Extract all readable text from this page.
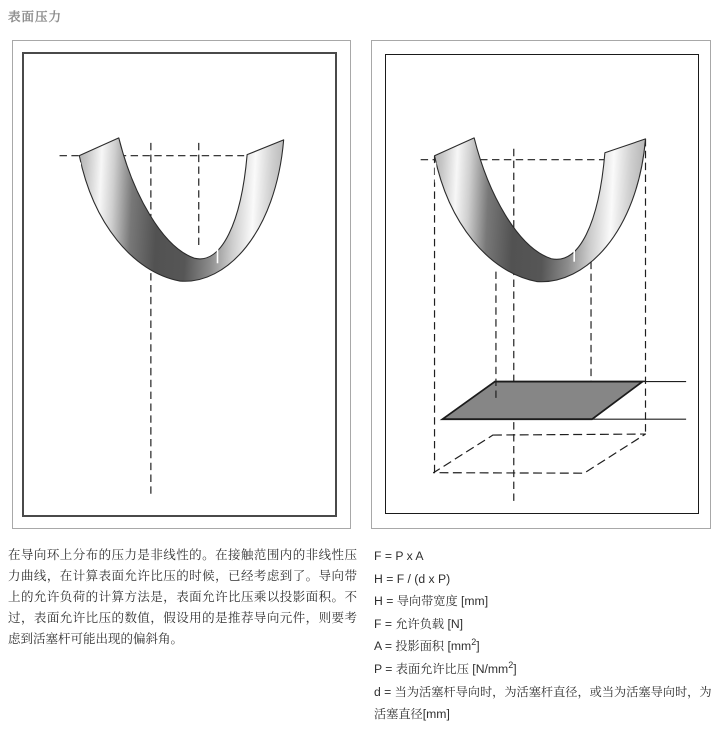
表面压力
在导向环上分布的压力是非线性的。在接触范围内的非线性压力曲线，在计算表面允许比压的时候，已经考虑到了。导向带上的允许负荷的计算方法是，表面允许比压乘以投影面积。不过，表面允许比压的数值，假设用的是推荐导向元件，则要考虑到活塞杆可能出现的偏斜角。
F = P x A
H = F / (d x P)
H = 导向带宽度 [mm]
F = 允许负载 [N]
A = 投影面积 $[mm^2]$
P = 表面允许比压 $[N/mm^2]$
d = 当为活塞杆导向时，为活塞杆直径，或当为活塞导向时，为活塞直径[mm]
